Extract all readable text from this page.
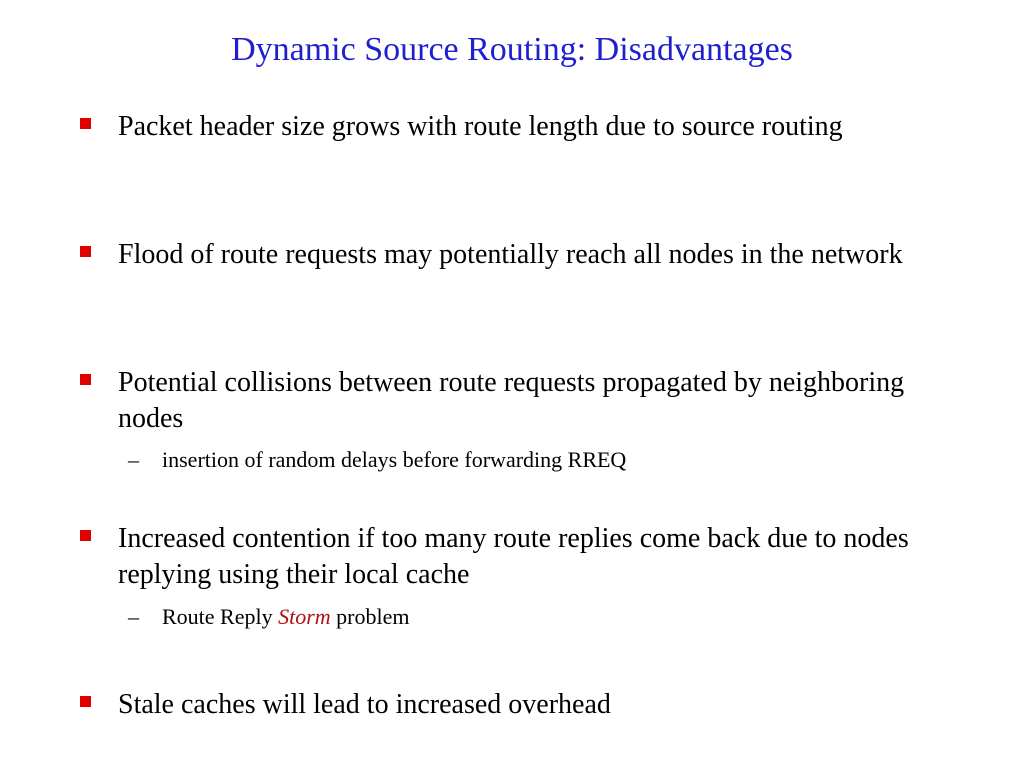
Dynamic Source Routing: Disadvantages
Packet header size grows with route length due to source routing
Flood of route requests may potentially reach all nodes in the network
Potential collisions between route requests propagated by neighboring nodes
– insertion of random delays before forwarding RREQ
Increased contention if too many route replies come back due to nodes replying using their local cache
– Route Reply Storm problem
Stale caches will lead to increased overhead
